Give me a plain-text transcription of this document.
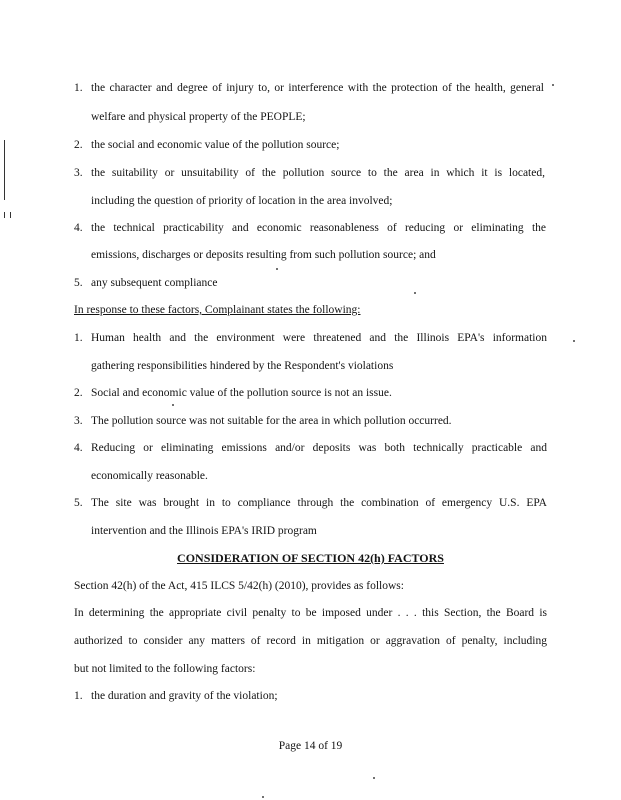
1. the character and degree of injury to, or interference with the protection of the health, general
welfare and physical property of the PEOPLE;
2. the social and economic value of the pollution source;
3. the suitability or unsuitability of the pollution source to the area in which it is located,
including the question of priority of location in the area involved;
4. the technical practicability and economic reasonableness of reducing or eliminating the
emissions, discharges or deposits resulting from such pollution source; and
5. any subsequent compliance
In response to these factors, Complainant states the following:
1. Human health and the environment were threatened and the Illinois EPA's information
gathering responsibilities hindered by the Respondent's violations
2. Social and economic value of the pollution source is not an issue.
3. The pollution source was not suitable for the area in which pollution occurred.
4. Reducing or eliminating emissions and/or deposits was both technically practicable and
economically reasonable.
5. The site was brought in to compliance through the combination of emergency U.S. EPA
intervention and the Illinois EPA's IRID program
CONSIDERATION OF SECTION 42(h) FACTORS
Section 42(h) of the Act, 415 ILCS 5/42(h) (2010), provides as follows:
In determining the appropriate civil penalty to be imposed under . . . this Section, the Board is
authorized to consider any matters of record in mitigation or aggravation of penalty, including
but not limited to the following factors:
1. the duration and gravity of the violation;
Page 14 of 19
